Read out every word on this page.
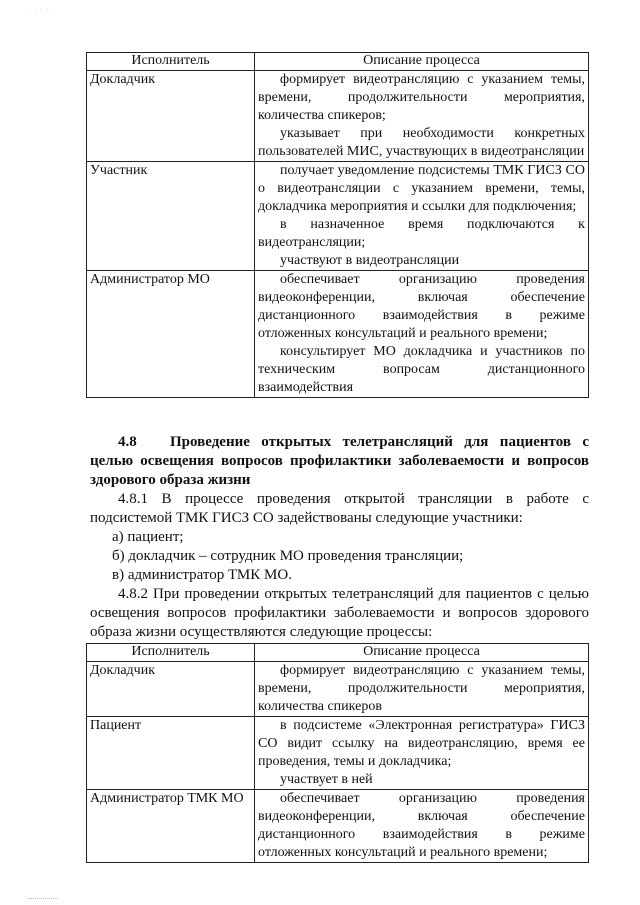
· · · · ·
Исполнитель	Описание процесса
Докладчик	формирует видеотрансляцию с указанием темы, времени, продолжительности мероприятия, количества спикеров;

указывает при необходимости конкретных пользователей МИС, участвующих в видеотрансляции

Участник	получает уведомление подсистемы ТМК ГИСЗ СО о видеотрансляции с указанием времени, темы, докладчика мероприятия и ссылки для подключения;

в назначенное время подключаются к видеотрансляции;

участвуют в видеотрансляции

Администратор МО	обеспечивает организацию проведения видеоконференции, включая обеспечение дистанционного взаимодействия в режиме отложенных консультаций и реального времени;

консультирует МО докладчика и участников по техническим вопросам дистанционного взаимодействия

4.8 Проведение открытых телетрансляций для пациентов с целью освещения вопросов профилактики заболеваемости и вопросов здорового образа жизни

4.8.1 В процессе проведения открытой трансляции в работе с подсистемой ТМК ГИСЗ СО задействованы следующие участники:

а) пациент;

б) докладчик – сотрудник МО проведения трансляции;

в) администратор ТМК МО.

4.8.2 При проведении открытых телетрансляций для пациентов с целью освещения вопросов профилактики заболеваемости и вопросов здорового образа жизни осуществляются следующие процессы:

Исполнитель	Описание процесса
Докладчик	формирует видеотрансляцию с указанием темы, времени, продолжительности мероприятия, количества спикеров

Пациент	в подсистеме «Электронная регистратура» ГИСЗ СО видит ссылку на видеотрансляцию, время ее проведения, темы и докладчика;

участвует в ней

Администратор ТМК МО	обеспечивает организацию проведения видеоконференции, включая обеспечение дистанционного взаимодействия в режиме отложенных консультаций и реального времени;
